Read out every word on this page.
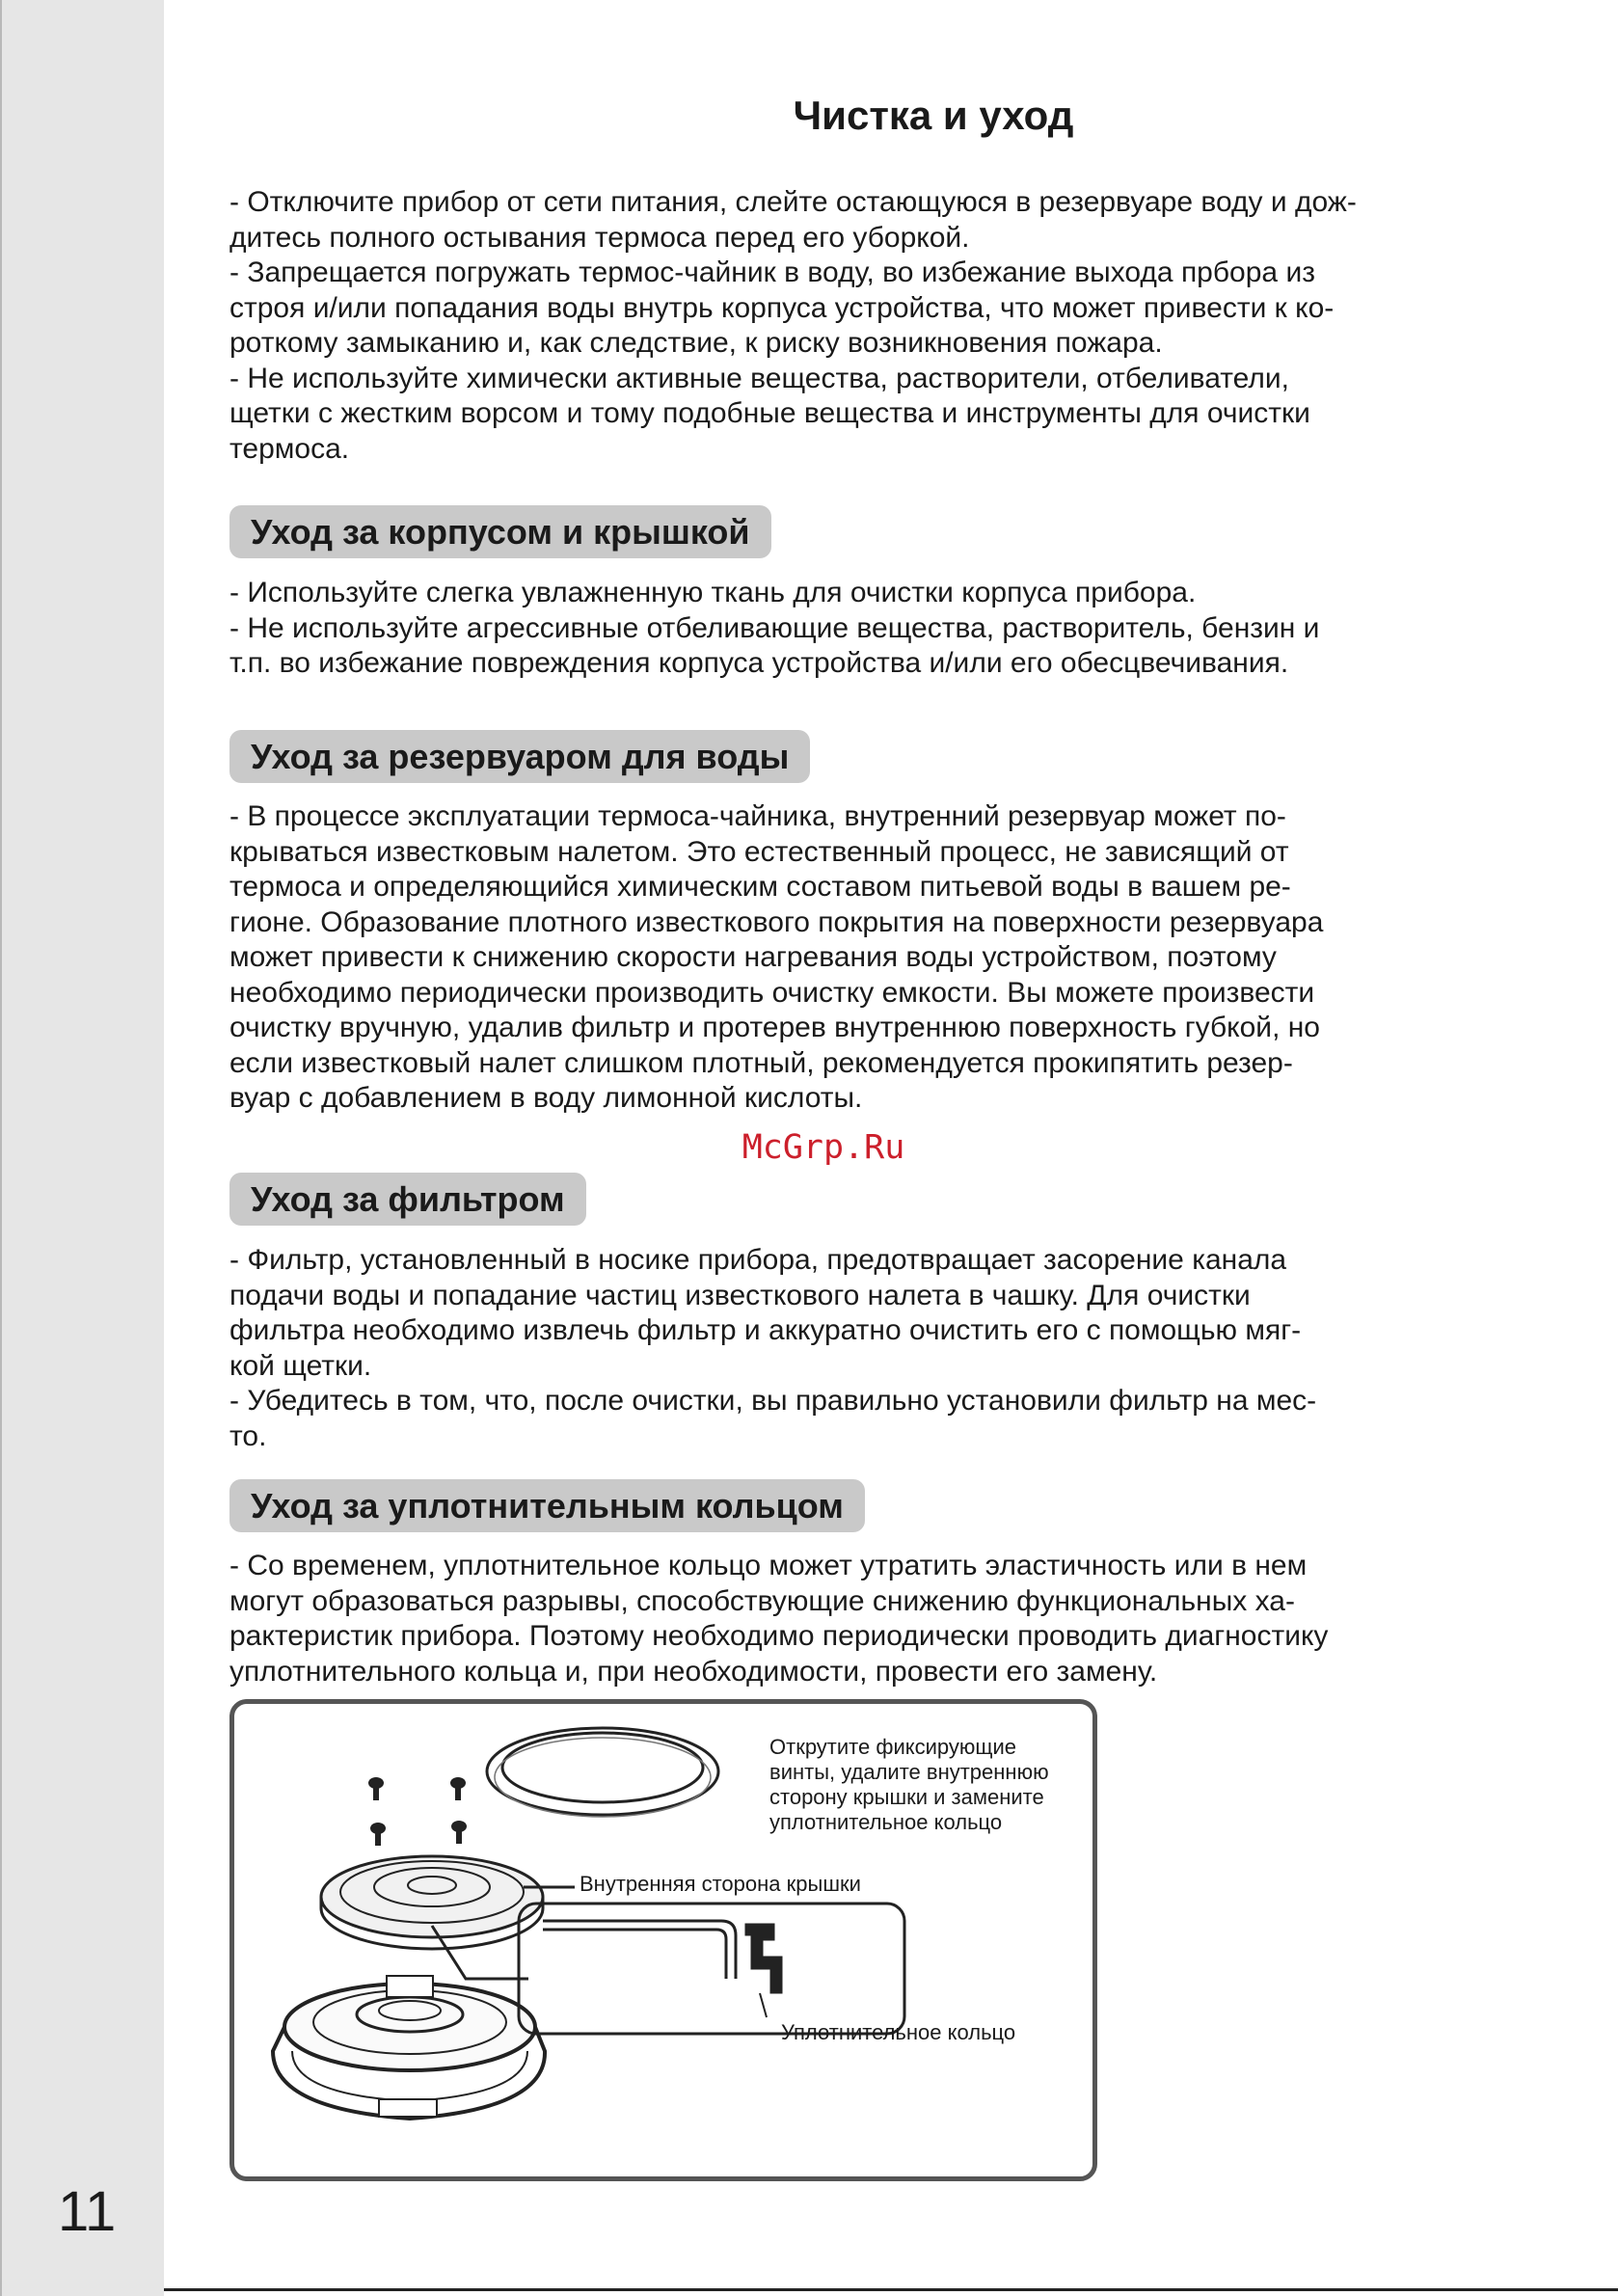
11
Чистка и уход
- Отключите прибор от сети питания, слейте остающуюся в резервуаре воду и дож-
дитесь полного остывания термоса перед его уборкой.
- Запрещается погружать термос-чайник в воду, во избежание выхода прбора из
строя и/или попадания воды внутрь корпуса устройства, что может привести к ко-
роткому замыканию и, как следствие, к риску возникновения пожара.
- Не используйте химически активные вещества, растворители, отбеливатели,
щетки с жестким ворсом и тому подобные вещества и инструменты для очистки
термоса.
Уход за корпусом и крышкой
- Используйте слегка увлажненную ткань для очистки корпуса прибора.
- Не используйте агрессивные отбеливающие вещества, растворитель, бензин и
т.п. во избежание повреждения корпуса устройства и/или его обесцвечивания.
Уход за резервуаром для воды
- В процессе эксплуатации термоса-чайника, внутренний резервуар может по-
крываться известковым налетом. Это естественный процесс, не зависящий от
термоса и определяющийся химическим составом питьевой воды в вашем ре-
гионе. Образование плотного известкового покрытия на поверхности резервуара
может привести к снижению скорости нагревания воды устройством, поэтому
необходимо периодически производить очистку емкости. Вы можете произвести
очистку вручную, удалив фильтр и протерев внутреннюю поверхность губкой, но
если известковый налет слишком плотный, рекомендуется прокипятить резер-
вуар с добавлением в воду лимонной кислоты.
McGrp.Ru
Уход за фильтром
- Фильтр, установленный в носике прибора, предотвращает засорение канала
подачи воды и попадание частиц известкового налета в чашку. Для очистки
фильтра необходимо извлечь фильтр и аккуратно очистить его с помощью мяг-
кой щетки.
- Убедитесь в том, что, после очистки, вы правильно установили фильтр на мес-
то.
Уход за уплотнительным кольцом
- Со временем, уплотнительное кольцо может утратить эластичность или в нем
могут образоваться разрывы, способствующие снижению функциональных ха-
рактеристик прибора. Поэтому необходимо периодически проводить диагностику
уплотнительного кольца и, при необходимости, провести его замену.
Открутите фиксирующие
винты, удалите внутреннюю
сторону крышки и замените
уплотнительное кольцо
Внутренняя сторона крышки
Уплотнительное кольцо
